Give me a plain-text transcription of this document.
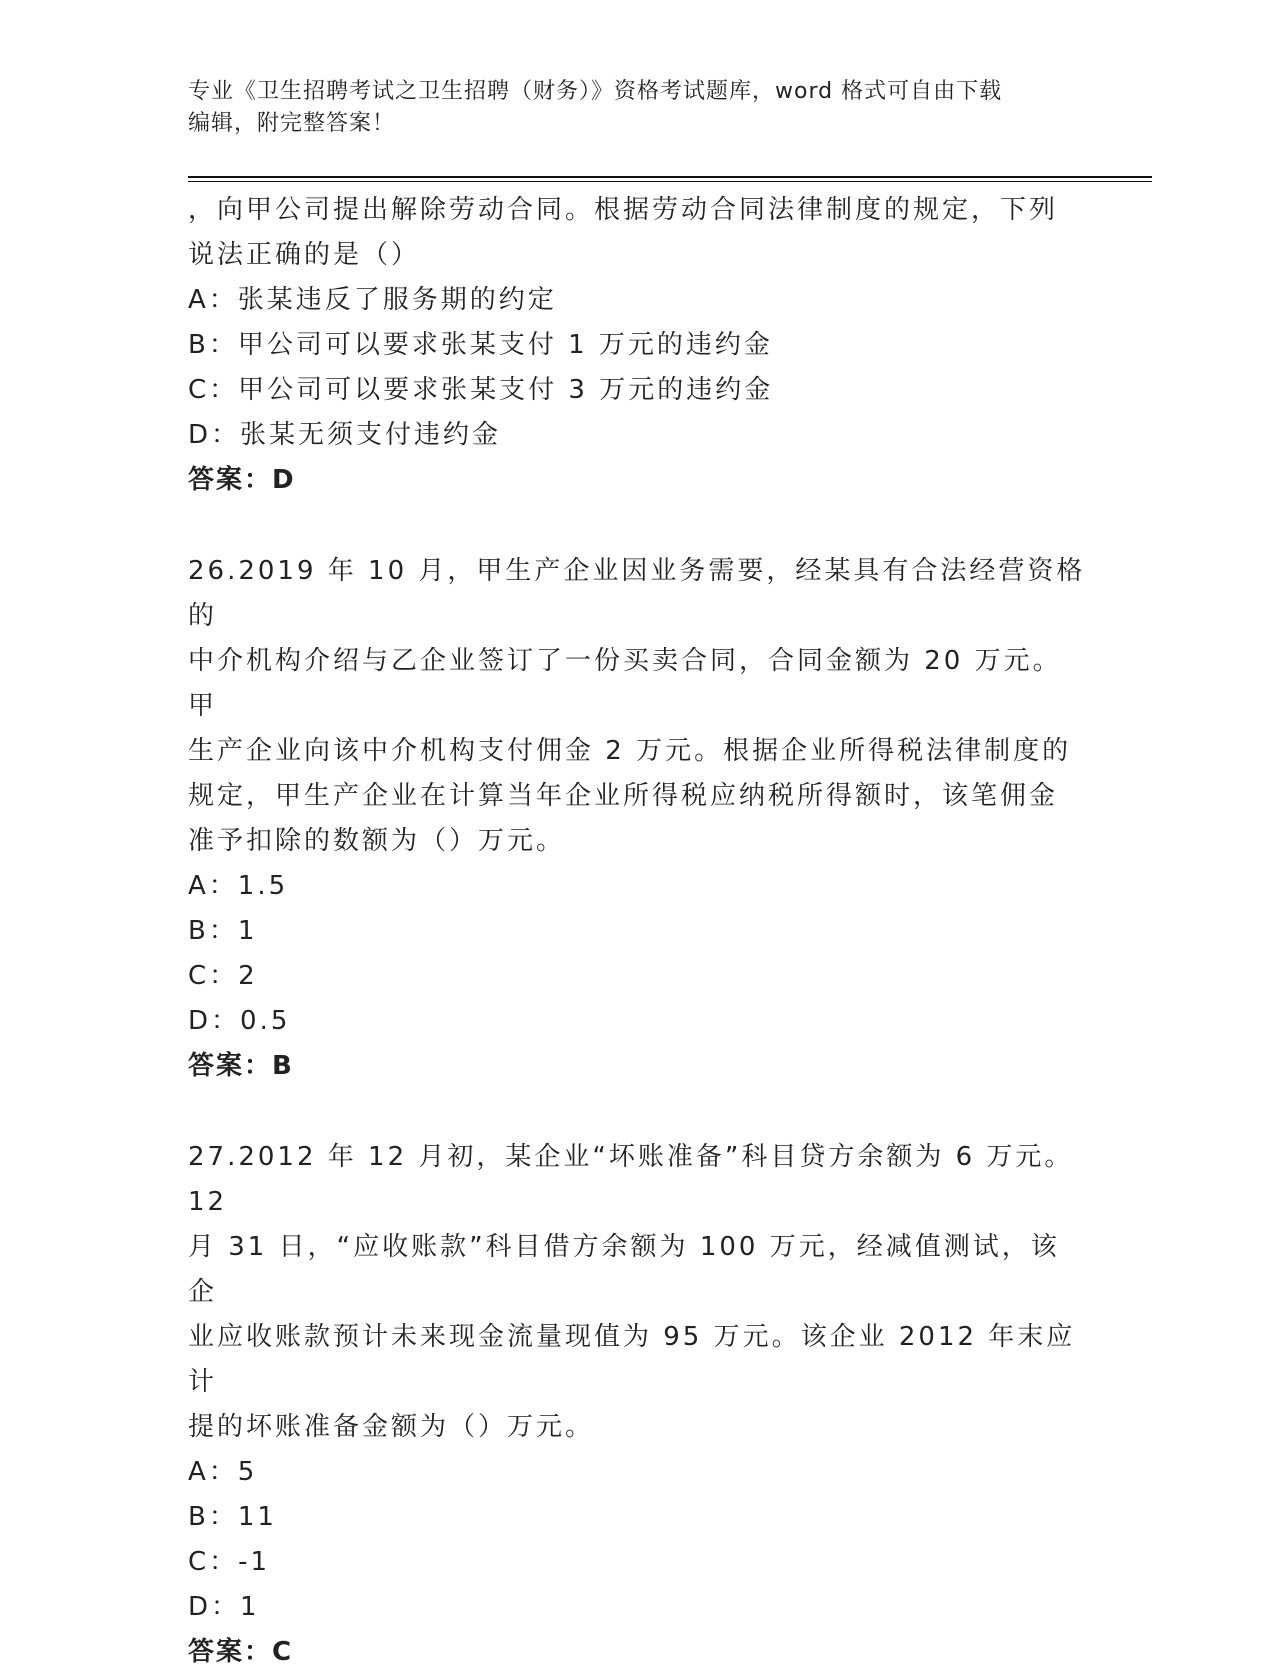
专业《卫生招聘考试之卫生招聘（财务）》资格考试题库，word 格式可自由下载
编辑，附完整答案！
，向甲公司提出解除劳动合同。根据劳动合同法律制度的规定，下列
说法正确的是（）
A：张某违反了服务期的约定
B：甲公司可以要求张某支付 1 万元的违约金
C：甲公司可以要求张某支付 3 万元的违约金
D：张某无须支付违约金
答案：D
26.2019 年 10 月，甲生产企业因业务需要，经某具有合法经营资格的
中介机构介绍与乙企业签订了一份买卖合同，合同金额为 20 万元。甲
生产企业向该中介机构支付佣金 2 万元。根据企业所得税法律制度的
规定，甲生产企业在计算当年企业所得税应纳税所得额时，该笔佣金
准予扣除的数额为（）万元。
A：1.5
B：1
C：2
D：0.5
答案：B
27.2012 年 12 月初，某企业“坏账准备”科目贷方余额为 6 万元。12
月 31 日，“应收账款”科目借方余额为 100 万元，经减值测试，该企
业应收账款预计未来现金流量现值为 95 万元。该企业 2012 年末应计
提的坏账准备金额为（）万元。
A：5
B：11
C：-1
D：1
答案：C
